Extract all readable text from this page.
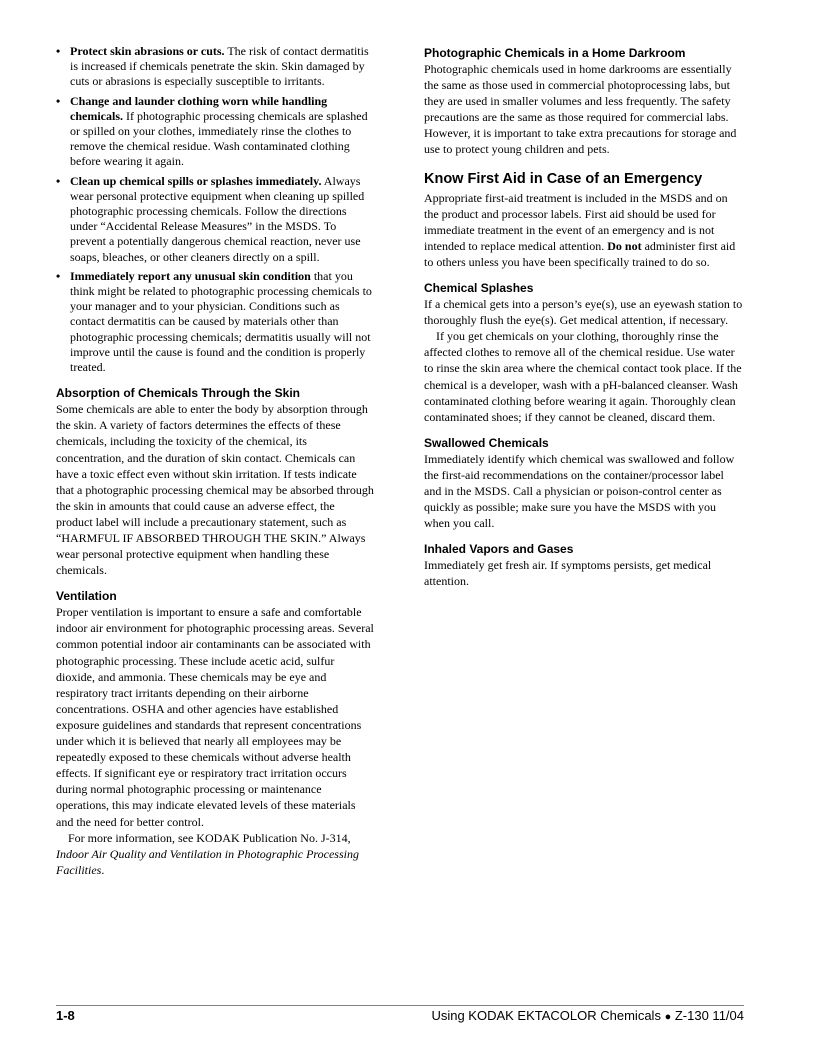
• Protect skin abrasions or cuts. The risk of contact dermatitis is increased if chemicals penetrate the skin. Skin damaged by cuts or abrasions is especially susceptible to irritants.
• Change and launder clothing worn while handling chemicals. If photographic processing chemicals are splashed or spilled on your clothes, immediately rinse the clothes to remove the chemical residue. Wash contaminated clothing before wearing it again.
• Clean up chemical spills or splashes immediately. Always wear personal protective equipment when cleaning up spilled photographic processing chemicals. Follow the directions under “Accidental Release Measures” in the MSDS. To prevent a potentially dangerous chemical reaction, never use soaps, bleaches, or other cleaners directly on a spill.
• Immediately report any unusual skin condition that you think might be related to photographic processing chemicals to your manager and to your physician. Conditions such as contact dermatitis can be caused by materials other than photographic processing chemicals; dermatitis usually will not improve until the cause is found and the condition is properly treated.
Absorption of Chemicals Through the Skin

Some chemicals are able to enter the body by absorption through the skin. A variety of factors determines the effects of these chemicals, including the toxicity of the chemical, its concentration, and the duration of skin contact. Chemicals can have a toxic effect even without skin irritation. If tests indicate that a photographic processing chemical may be absorbed through the skin in amounts that could cause an adverse effect, the product label will include a precautionary statement, such as “HARMFUL IF ABSORBED THROUGH THE SKIN.” Always wear personal protective equipment when handling these chemicals.

Ventilation

Proper ventilation is important to ensure a safe and comfortable indoor air environment for photographic processing areas. Several common potential indoor air contaminants can be associated with photographic processing. These include acetic acid, sulfur dioxide, and ammonia. These chemicals may be eye and respiratory tract irritants depending on their airborne concentrations. OSHA and other agencies have established exposure guidelines and standards that represent concentrations under which it is believed that nearly all employees may be repeatedly exposed to these chemicals without adverse health effects. If significant eye or respiratory tract irritation occurs during normal photographic processing or maintenance operations, this may indicate elevated levels of these materials and the need for better control.

For more information, see KODAK Publication No. J-314, Indoor Air Quality and Ventilation in Photographic Processing Facilities.

Photographic Chemicals in a Home Darkroom

Photographic chemicals used in home darkrooms are essentially the same as those used in commercial photoprocessing labs, but they are used in smaller volumes and less frequently. The safety precautions are the same as those required for commercial labs. However, it is important to take extra precautions for storage and use to protect young children and pets.

Know First Aid in Case of an Emergency

Appropriate first-aid treatment is included in the MSDS and on the product and processor labels. First aid should be used for immediate treatment in the event of an emergency and is not intended to replace medical attention. Do not administer first aid to others unless you have been specifically trained to do so.

Chemical Splashes

If a chemical gets into a person’s eye(s), use an eyewash station to thoroughly flush the eye(s). Get medical attention, if necessary.

If you get chemicals on your clothing, thoroughly rinse the affected clothes to remove all of the chemical residue. Use water to rinse the skin area where the chemical contact took place. If the chemical is a developer, wash with a pH-balanced cleanser. Wash contaminated clothing before wearing it again. Thoroughly clean contaminated shoes; if they cannot be cleaned, discard them.

Swallowed Chemicals

Immediately identify which chemical was swallowed and follow the first-aid recommendations on the container/processor label and in the MSDS. Call a physician or poison-control center as quickly as possible; make sure you have the MSDS with you when you call.

Inhaled Vapors and Gases

Immediately get fresh air. If symptoms persists, get medical attention.

1-8	Using KODAK EKTACOLOR Chemicals ● Z-130 11/04
